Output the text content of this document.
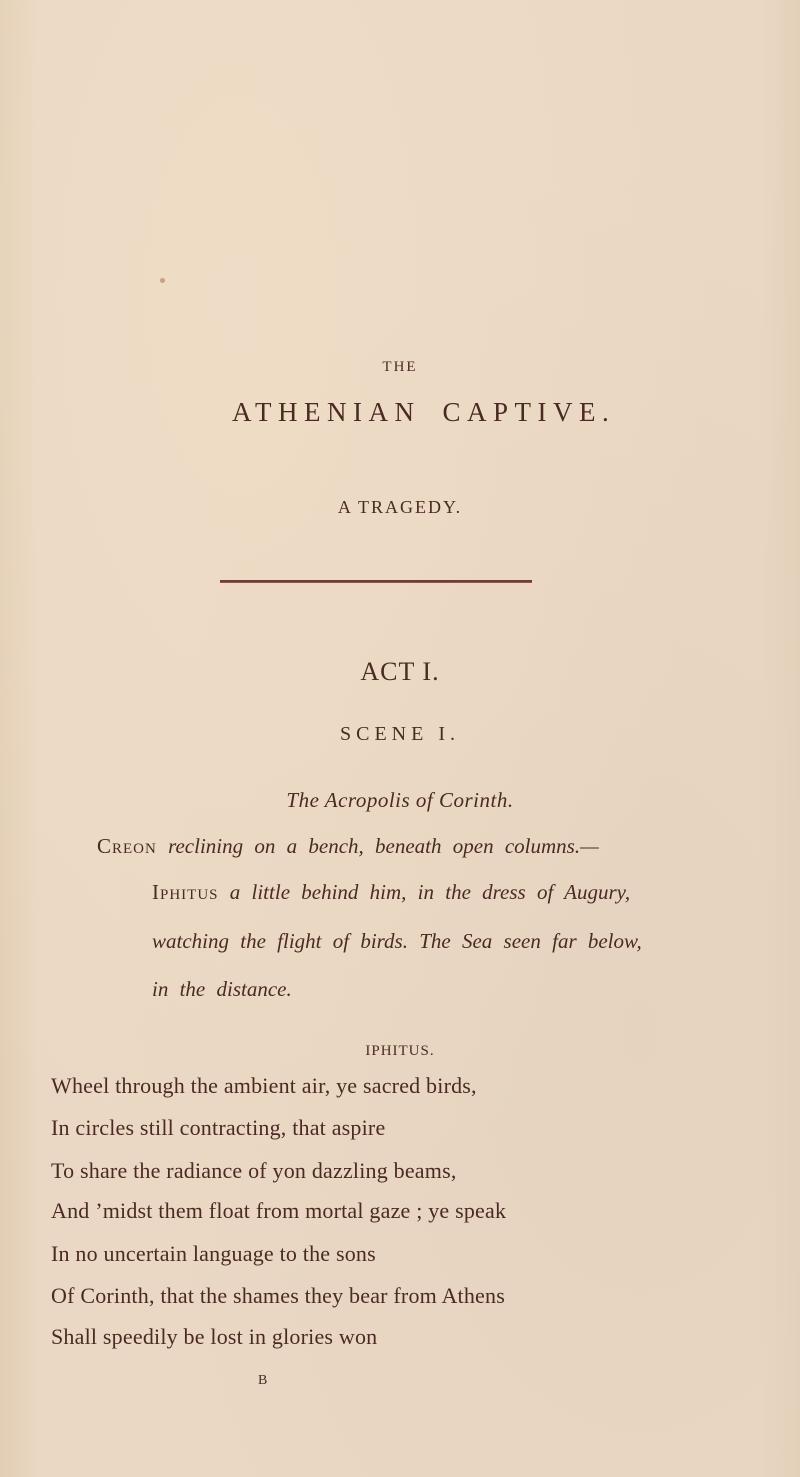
THE
ATHENIAN CAPTIVE.
A TRAGEDY.
ACT I.
SCENE I.
The Acropolis of Corinth.
Creon reclining on a bench, beneath open columns.—
Iphitus a little behind him, in the dress of Augury,
watching the flight of birds. The Sea seen far below,
in the distance.
IPHITUS.
Wheel through the ambient air, ye sacred birds,
In circles still contracting, that aspire
To share the radiance of yon dazzling beams,
And ’midst them float from mortal gaze ; ye speak
In no uncertain language to the sons
Of Corinth, that the shames they bear from Athens
Shall speedily be lost in glories won
B
